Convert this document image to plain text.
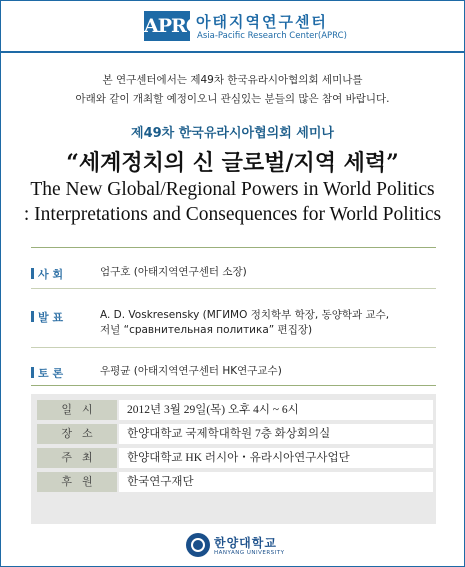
APRC
아태지역연구센터
Asia-Pacific Research Center(APRC)
본 연구센터에서는 제49차 한국유라시아협의회 세미나를
아래와 같이 개최할 예정이오니 관심있는 분들의 많은 참여 바랍니다.
제49차 한국유라시아협의회 세미나
“세계정치의 신 글로벌/지역 세력”
The New Global/Regional Powers in World Politics
: Interpretations and Consequences for World Politics
사 회	엄구호 (아태지역연구센터 소장)
발 표	A. D. Voskresensky (МГИМО 정치학부 학장, 동양학과 교수,
저널 “сравнительная политика” 편집장)
토 론	우평균 (아태지역연구센터 HK연구교수)
일시	2012년 3월 29일(목) 오후 4시 ~ 6시
장소	한양대학교 국제학대학원 7층 화상회의실
주최	한양대학교 HK 러시아・유라시아연구사업단
후원	한국연구재단
한양대학교
HANYANG UNIVERSITY
